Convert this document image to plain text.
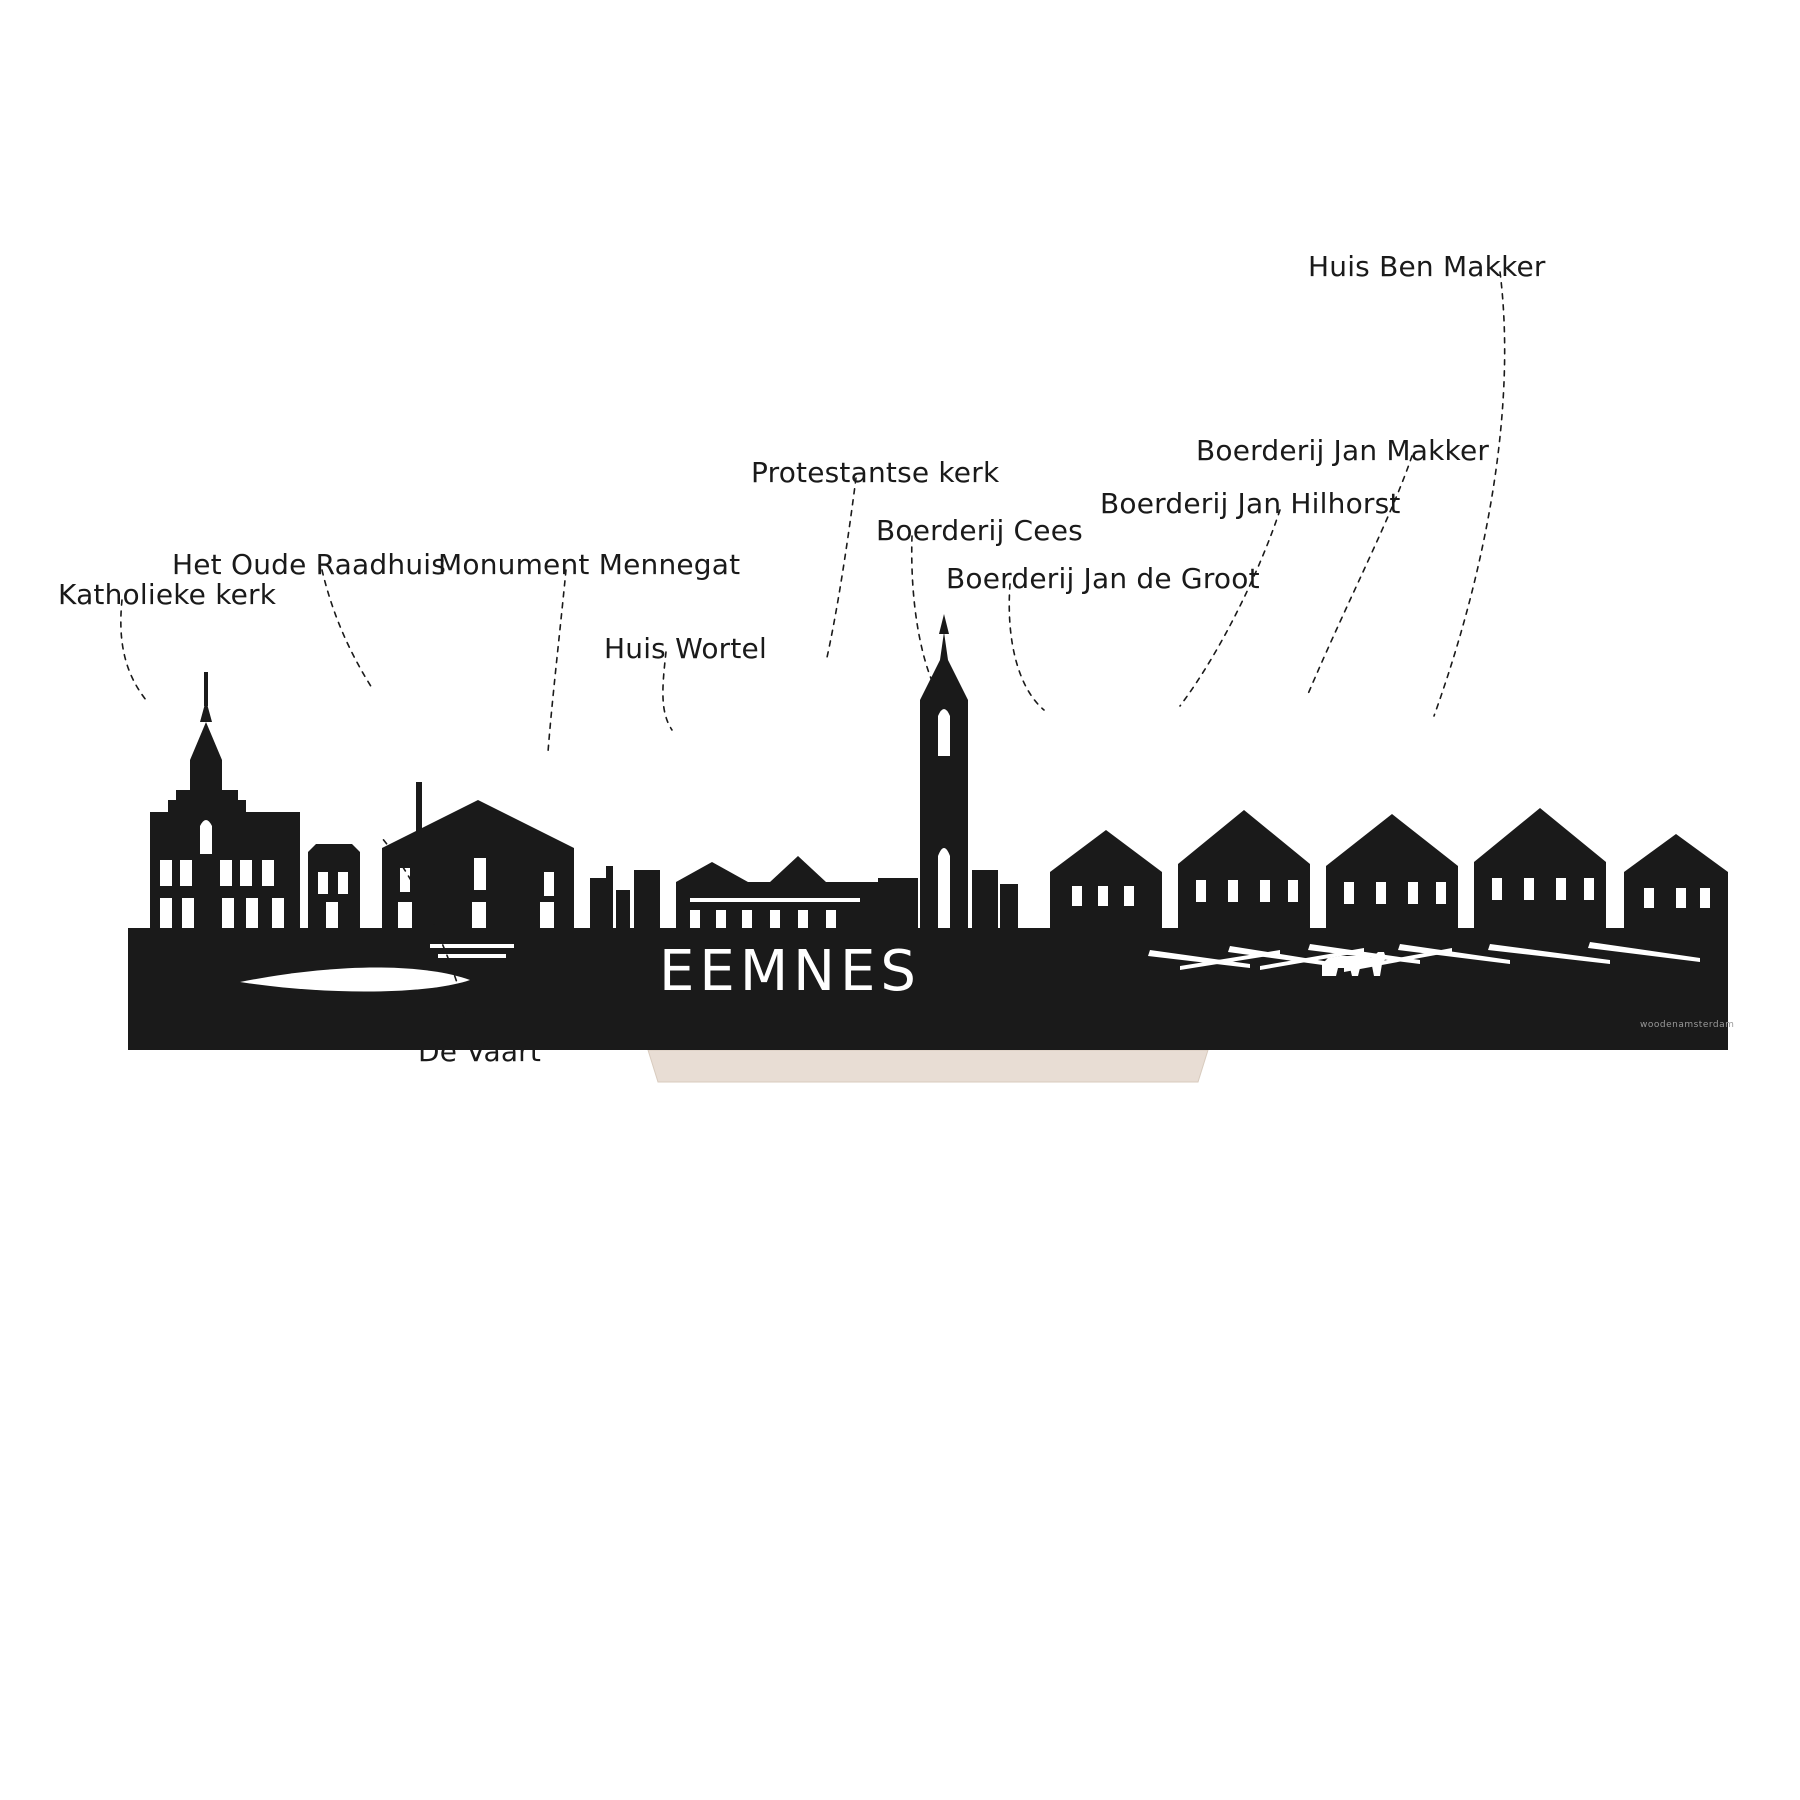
EEMNES
Katholieke kerk
Het Oude Raadhuis
Monument Mennegat
Huis Wortel
Protestantse kerk
Boerderij Cees
Boerderij Jan de Groot
Boerderij Jan Hilhorst
Boerderij Jan Makker
Huis Ben Makker
De Vaart
woodenamsterdam
